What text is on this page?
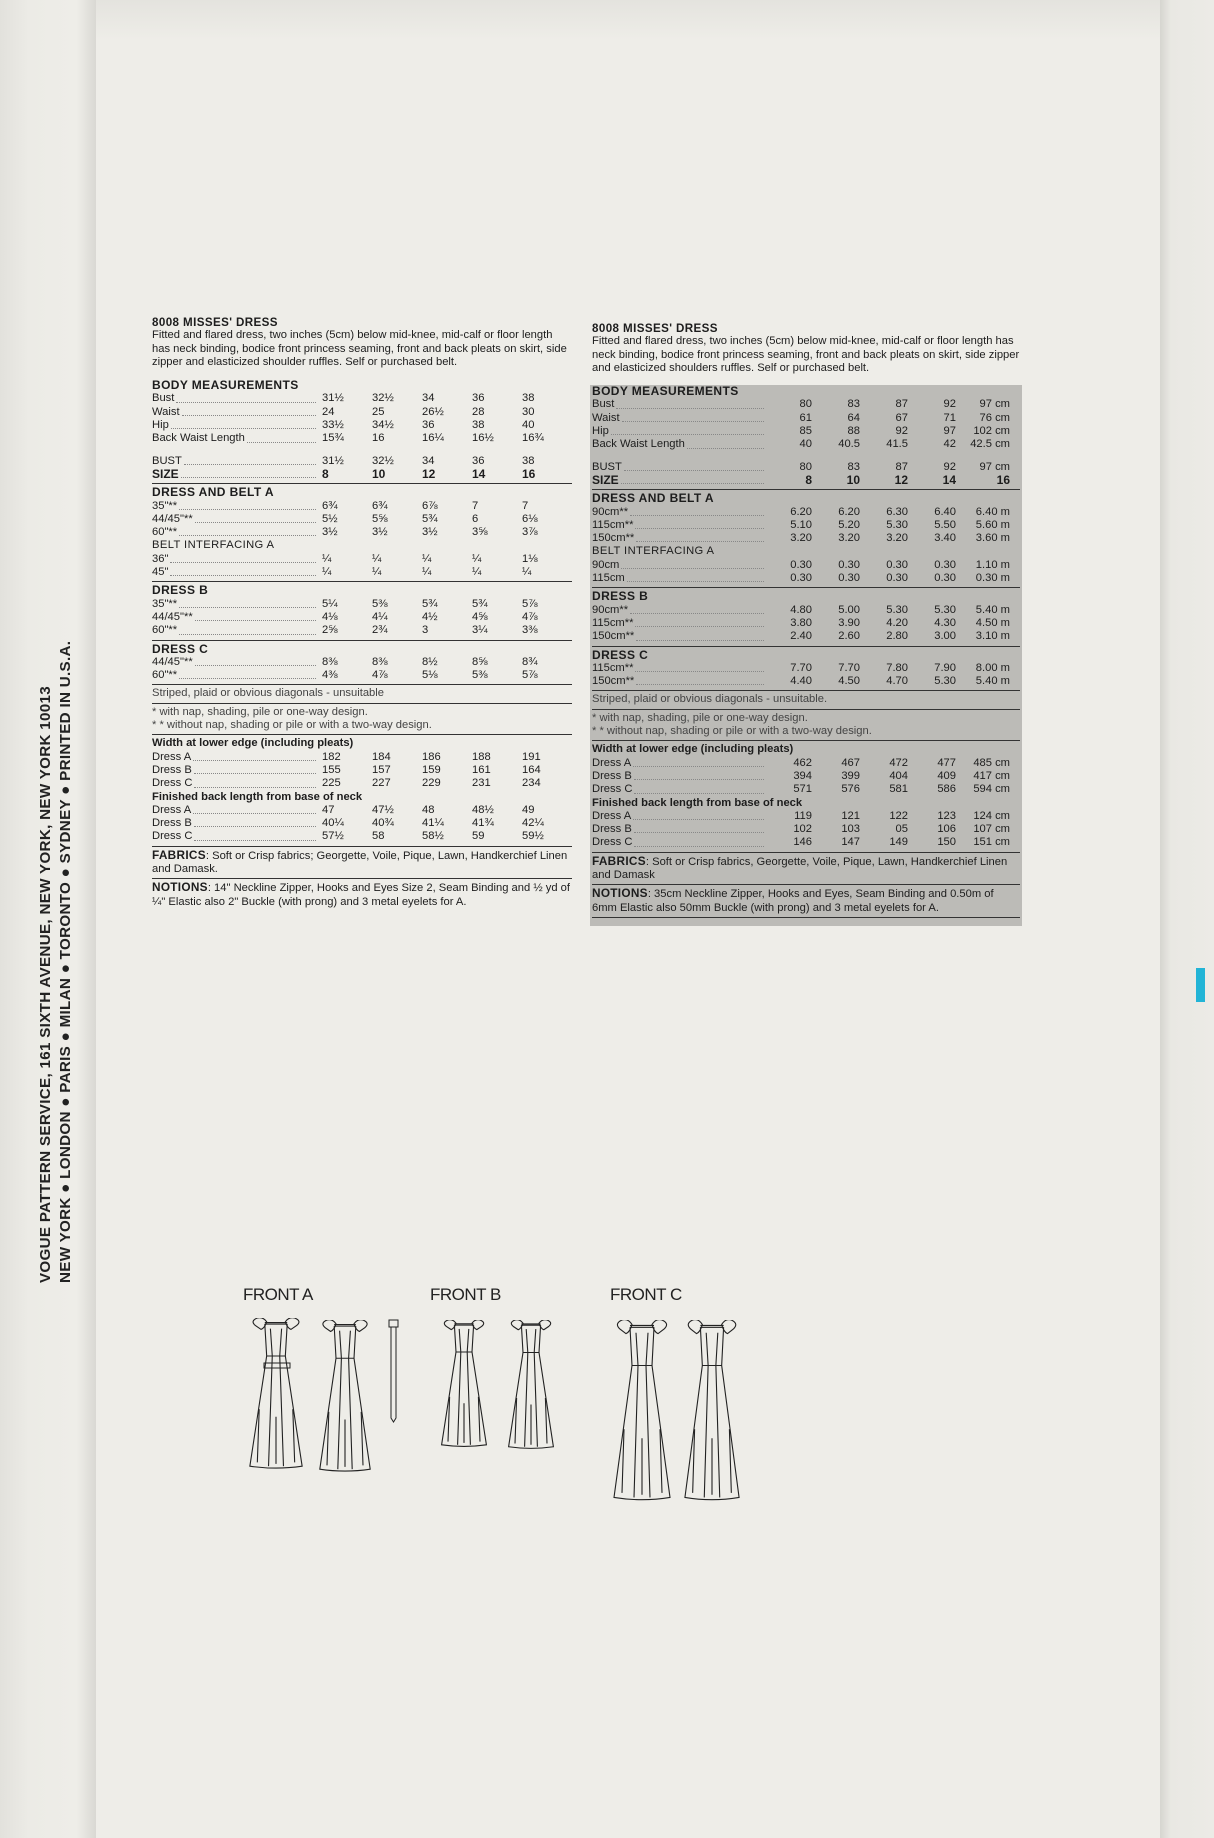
VOGUE PATTERN SERVICE, 161 SIXTH AVENUE, NEW YORK, NEW YORK 10013 NEW YORK ● LONDON ● PARIS ● MILAN ● TORONTO ● SYDNEY ● PRINTED IN U.S.A.
8008 MISSES' DRESS
Fitted and flared dress, two inches (5cm) below mid-knee, mid-calf or floor length has neck binding, bodice front princess seaming, front and back pleats on skirt, side zipper and elasticized shoulder ruffles. Self or purchased belt.
BODY MEASUREMENTS
Bust	31½	32½	34	36	38
Waist	24	25	26½	28	30
Hip	33½	34½	36	38	40
Back Waist Length	15¾	16	16¼	16½	16¾
BUST	31½	32½	34	36	38
SIZE	8	10	12	14	16
DRESS AND BELT A
35"**	6¾	6¾	6⅞	7	7
44/45"**	5½	5⅝	5¾	6	6⅛
60"**	3½	3½	3½	3⅝	3⅞
BELT INTERFACING A
36"	¼	¼	¼	¼	1⅛
45"	¼	¼	¼	¼	¼
DRESS B
35"**	5¼	5⅜	5¾	5¾	5⅞
44/45"**	4⅛	4¼	4½	4⅝	4⅞
60"**	2⅝	2¾	3	3¼	3⅜
DRESS C
44/45"**	8⅜	8⅜	8½	8⅝	8¾
60"**	4⅜	4⅞	5⅛	5⅜	5⅞
Striped, plaid or obvious diagonals - unsuitable
* with nap, shading, pile or one-way design.
* * without nap, shading or pile or with a two-way design.
Width at lower edge (including pleats)
Dress A	182	184	186	188	191
Dress B	155	157	159	161	164
Dress C	225	227	229	231	234
Finished back length from base of neck
Dress A	47	47½	48	48½	49
Dress B	40¼	40¾	41¼	41¾	42¼
Dress C	57½	58	58½	59	59½
FABRICS: Soft or Crisp fabrics; Georgette, Voile, Pique, Lawn, Handkerchief Linen and Damask.
NOTIONS: 14" Neckline Zipper, Hooks and Eyes Size 2, Seam Binding and ½ yd of ¼" Elastic also 2" Buckle (with prong) and 3 metal eyelets for A.
8008 MISSES' DRESS
Fitted and flared dress, two inches (5cm) below mid-knee, mid-calf or floor length has neck binding, bodice front princess seaming, front and back pleats on skirt, side zipper and elasticized shoulders ruffles. Self or purchased belt.
BODY MEASUREMENTS
Bust	80	83	87	92	97 cm
Waist	61	64	67	71	76 cm
Hip	85	88	92	97	102 cm
Back Waist Length	40	40.5	41.5	42	42.5 cm
BUST	80	83	87	92	97 cm
SIZE	8	10	12	14	16
DRESS AND BELT A
90cm**	6.20	6.20	6.30	6.40	6.40 m
115cm**	5.10	5.20	5.30	5.50	5.60 m
150cm**	3.20	3.20	3.20	3.40	3.60 m
BELT INTERFACING A
90cm	0.30	0.30	0.30	0.30	1.10 m
115cm	0.30	0.30	0.30	0.30	0.30 m
DRESS B
90cm**	4.80	5.00	5.30	5.30	5.40 m
115cm**	3.80	3.90	4.20	4.30	4.50 m
150cm**	2.40	2.60	2.80	3.00	3.10 m
DRESS C
115cm**	7.70	7.70	7.80	7.90	8.00 m
150cm**	4.40	4.50	4.70	5.30	5.40 m
Striped, plaid or obvious diagonals - unsuitable.
* with nap, shading, pile or one-way design.
* * without nap, shading or pile or with a two-way design.
Width at lower edge (including pleats)
Dress A	462	467	472	477	485 cm
Dress B	394	399	404	409	417 cm
Dress C	571	576	581	586	594 cm
Finished back length from base of neck
Dress A	119	121	122	123	124 cm
Dress B	102	103	05	106	107 cm
Dress C	146	147	149	150	151 cm
FABRICS: Soft or Crisp fabrics, Georgette, Voile, Pique, Lawn, Handkerchief Linen and Damask
NOTIONS: 35cm Neckline Zipper, Hooks and Eyes, Seam Binding and 0.50m of 6mm Elastic also 50mm Buckle (with prong) and 3 metal eyelets for A.
FRONT A	FRONT B	FRONT C
